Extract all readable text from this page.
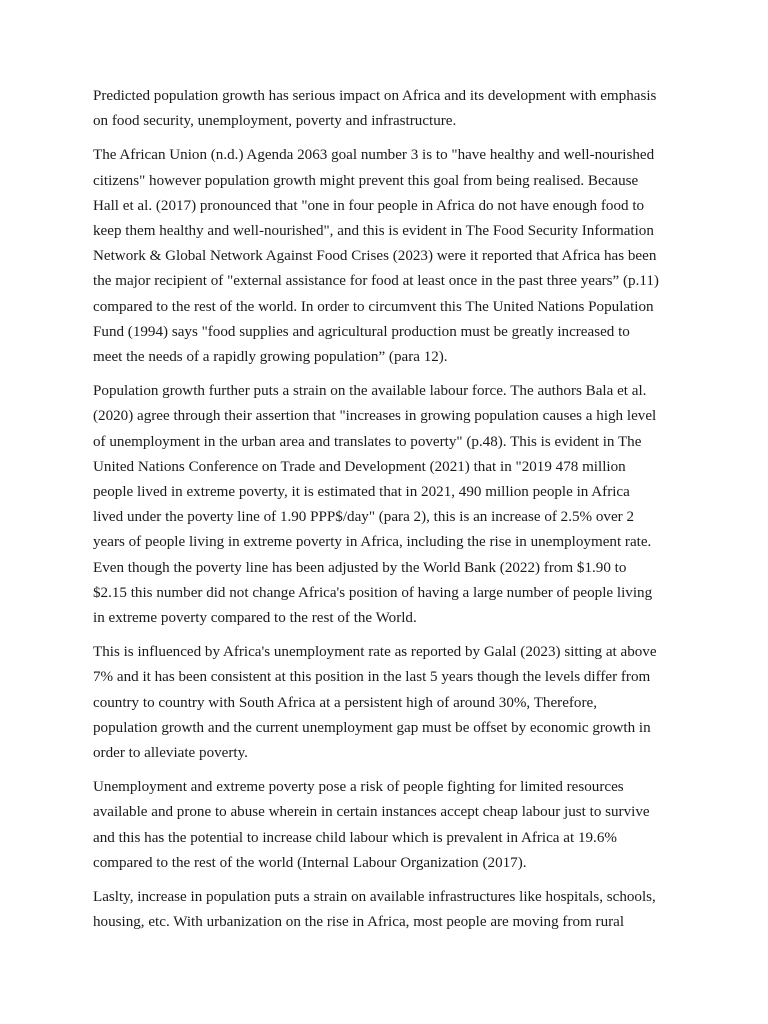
Predicted population growth has serious impact on Africa and its development with emphasis
on food security, unemployment, poverty and infrastructure.

The African Union (n.d.) Agenda 2063 goal number 3 is to "have healthy and well-nourished
citizens" however population growth might prevent this goal from being realised. Because
Hall et al. (2017) pronounced that "one in four people in Africa do not have enough food to
keep them healthy and well-nourished", and this is evident in The Food Security Information
Network & Global Network Against Food Crises (2023) were it reported that Africa has been
the major recipient of "external assistance for food at least once in the past three years” (p.11)
compared to the rest of the world. In order to circumvent this The United Nations Population
Fund (1994) says "food supplies and agricultural production must be greatly increased to
meet the needs of a rapidly growing population” (para 12).

Population growth further puts a strain on the available labour force. The authors Bala et al.
(2020) agree through their assertion that "increases in growing population causes a high level
of unemployment in the urban area and translates to poverty" (p.48). This is evident in The
United Nations Conference on Trade and Development (2021) that in "2019 478 million
people lived in extreme poverty, it is estimated that in 2021, 490 million people in Africa
lived under the poverty line of 1.90 PPP$/day" (para 2), this is an increase of 2.5% over 2
years of people living in extreme poverty in Africa, including the rise in unemployment rate.
Even though the poverty line has been adjusted by the World Bank (2022) from $1.90 to
$2.15 this number did not change Africa's position of having a large number of people living
in extreme poverty compared to the rest of the World.

This is influenced by Africa's unemployment rate as reported by Galal (2023) sitting at above
7% and it has been consistent at this position in the last 5 years though the levels differ from
country to country with South Africa at a persistent high of around 30%, Therefore,
population growth and the current unemployment gap must be offset by economic growth in
order to alleviate poverty.

Unemployment and extreme poverty pose a risk of people fighting for limited resources
available and prone to abuse wherein in certain instances accept cheap labour just to survive
and this has the potential to increase child labour which is prevalent in Africa at 19.6%
compared to the rest of the world (Internal Labour Organization (2017).

Laslty, increase in population puts a strain on available infrastructures like hospitals, schools,
housing, etc. With urbanization on the rise in Africa, most people are moving from rural
